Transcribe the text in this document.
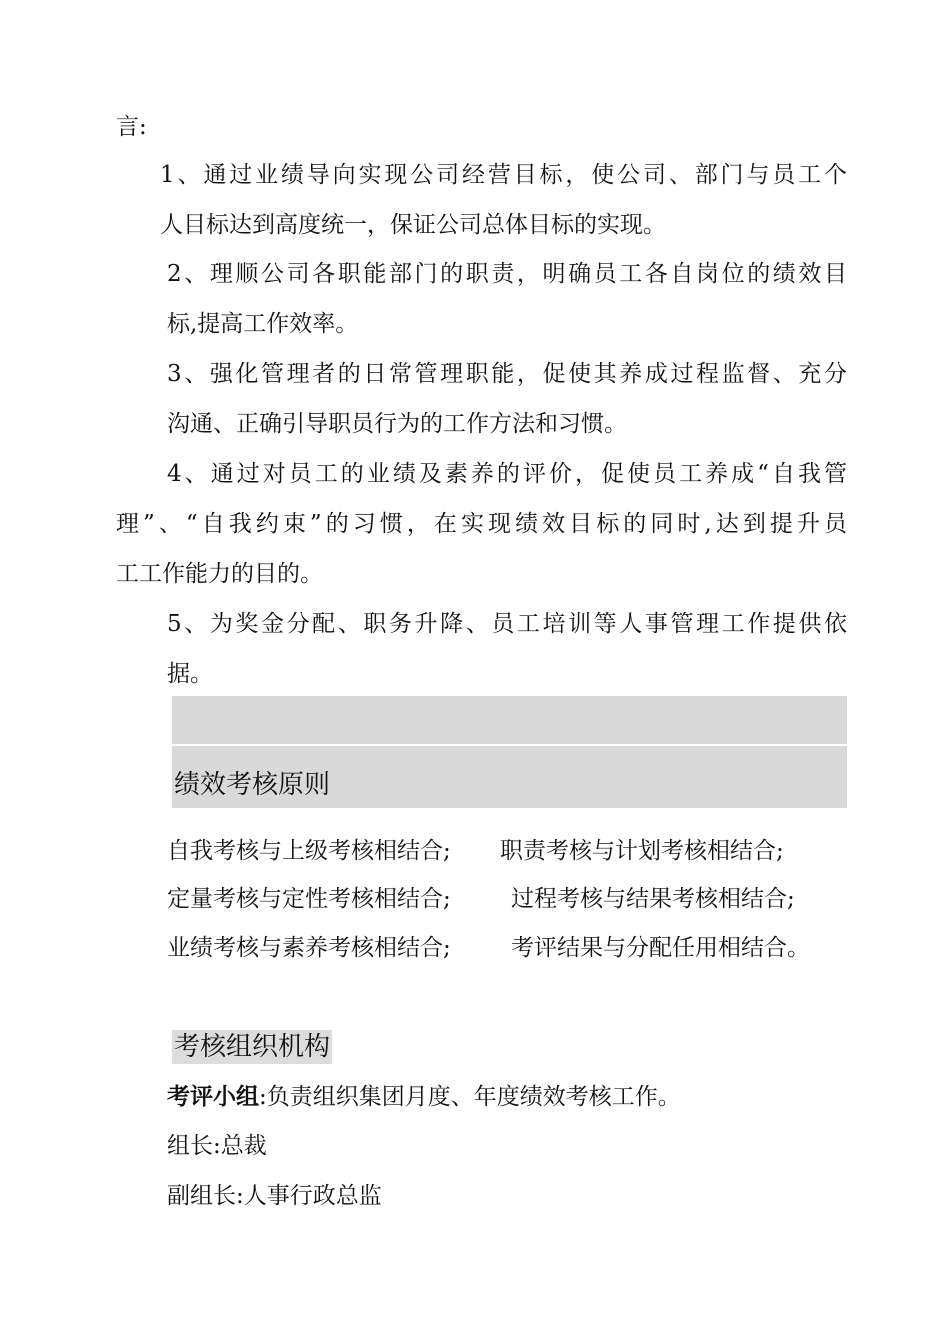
言:
1、通过业绩导向实现公司经营目标，使公司、部门与员工个
人目标达到高度统一，保证公司总体目标的实现。
2、理顺公司各职能部门的职责，明确员工各自岗位的绩效目
标,提高工作效率。
3、强化管理者的日常管理职能，促使其养成过程监督、充分
沟通、正确引导职员行为的工作方法和习惯。
4、通过对员工的业绩及素养的评价，促使员工养成“自我管
理”、“自我约束”的习惯，在实现绩效目标的同时,达到提升员
工工作能力的目的。
5、为奖金分配、职务升降、员工培训等人事管理工作提供依
据。
绩效考核原则
自我考核与上级考核相结合; 职责考核与计划考核相结合;
定量考核与定性考核相结合;	过程考核与结果考核相结合;
业绩考核与素养考核相结合;	考评结果与分配任用相结合。
考核组织机构
考评小组:负责组织集团月度、年度绩效考核工作。
组长:总裁
副组长:人事行政总监
